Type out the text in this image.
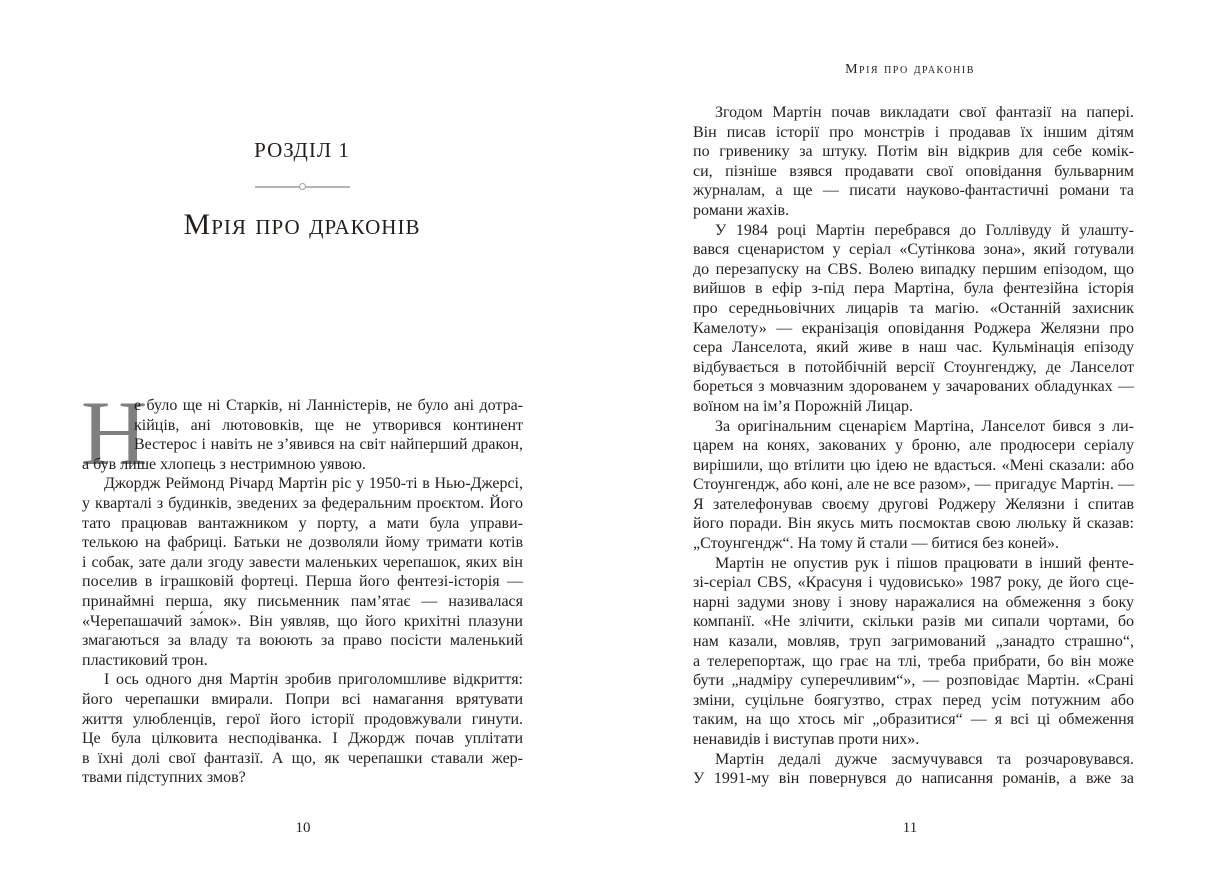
РОЗДІЛ 1
Мрія про драконів
Н
е було ще ні Старків, ні Ланністерів, не було ані дотра-
кійців, ані лютововків, ще не утворився континент
Вестерос і навіть не з’явився на світ найперший дракон,
а був лише хлопець з нестримною уявою.
Джордж Реймонд Річард Мартін ріс у 1950-ті в Нью-Джерсі,
у кварталі з будинків, зведених за федеральним проєктом. Його
тато працював вантажником у порту, а мати була управи-
телькою на фабриці. Батьки не дозволяли йому тримати котів
і собак, зате дали згоду завести маленьких черепашок, яких він
поселив в іграшковій фортеці. Перша його фентезі-історія —
принаймні перша, яку письменник пам’ятає — називалася
«Черепашачий за́мок». Він уявляв, що його крихітні плазуни
змагаються за владу та воюють за право посісти маленький
пластиковий трон.
І ось одного дня Мартін зробив приголомшливе відкриття:
його черепашки вмирали. Попри всі намагання врятувати
життя улюбленців, герої його історії продовжували гинути.
Це була цілковита несподіванка. І Джордж почав уплітати
в їхні долі свої фантазії. А що, як черепашки ставали жер-
твами підступних змов?
10
Мрія про драконів
Згодом Мартін почав викладати свої фантазії на папері.
Він писав історії про монстрів і продавав їх іншим дітям
по гривенику за штуку. Потім він відкрив для себе комік-
си, пізніше взявся продавати свої оповідання бульварним
журналам, а ще — писати науково-фантастичні романи та
романи жахів.
У 1984 році Мартін перебрався до Голлівуду й улашту-
вався сценаристом у серіал «Сутінкова зона», який готували
до перезапуску на CBS. Волею випадку першим епізодом, що
вийшов в ефір з-під пера Мартіна, була фентезійна історія
про середньовічних лицарів та магію. «Останній захисник
Камелоту» — екранізація оповідання Роджера Желязни про
сера Ланселота, який живе в наш час. Кульмінація епізоду
відбувається в потойбічній версії Стоунгенджу, де Ланселот
бореться з мовчазним здорованем у зачарованих обладунках —
воїном на ім’я Порожній Лицар.
За оригінальним сценарієм Мартіна, Ланселот бився з ли-
царем на конях, закованих у броню, але продюсери серіалу
вирішили, що втілити цю ідею не вдасться. «Мені сказали: або
Стоунгендж, або коні, але не все разом», — пригадує Мартін. —
Я зателефонував своєму другові Роджеру Желязни і спитав
його поради. Він якусь мить посмоктав свою люльку й сказав:
„Стоунгендж“. На тому й стали — битися без коней».
Мартін не опустив рук і пішов працювати в інший фенте-
зі-серіал CBS, «Красуня і чудовисько» 1987 року, де його сце-
нарні задуми знову і знову наражалися на обмеження з боку
компанії. «Не злічити, скільки разів ми сипали чортами, бо
нам казали, мовляв, труп загримований „занадто страшно“,
а телерепортаж, що грає на тлі, треба прибрати, бо він може
бути „надміру суперечливим“», — розповідає Мартін. «Срані
зміни, суцільне боягузтво, страх перед усім потужним або
таким, на що хтось міг „образитися“ — я всі ці обмеження
ненавидів і виступав проти них».
Мартін дедалі дужче засмучувався та розчаровувався.
У 1991-му він повернувся до написання романів, а вже за
11
